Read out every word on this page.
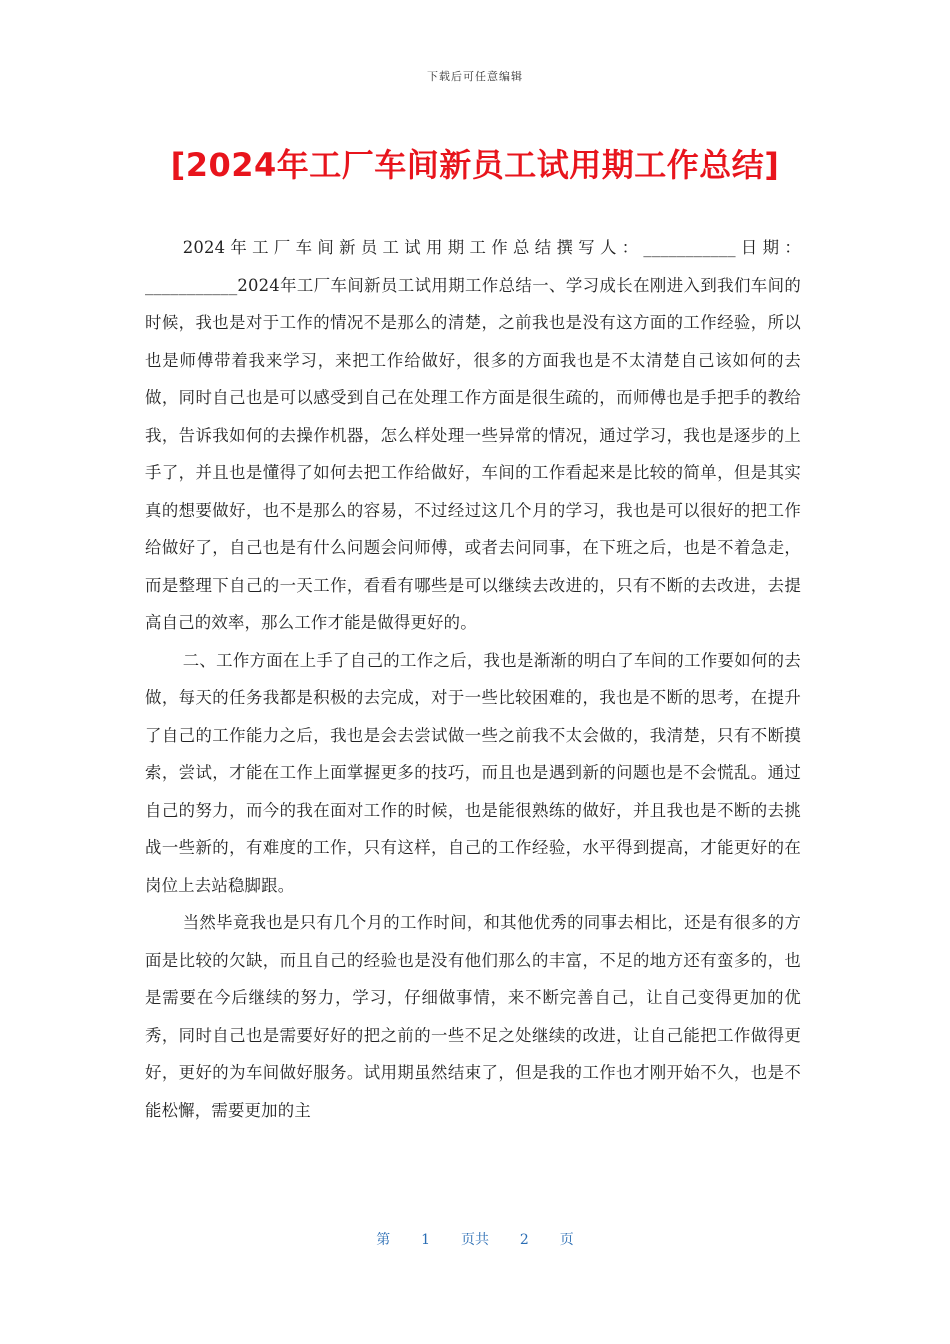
下载后可任意编辑
[2024年工厂车间新员工试用期工作总结]

2024年工厂车间新员工试用期工作总结撰写人：___________日期：___________2024年工厂车间新员工试用期工作总结一、学习成长在刚进入到我们车间的时候，我也是对于工作的情况不是那么的清楚，之前我也是没有这方面的工作经验，所以也是师傅带着我来学习，来把工作给做好，很多的方面我也是不太清楚自己该如何的去做，同时自己也是可以感受到自己在处理工作方面是很生疏的，而师傅也是手把手的教给我，告诉我如何的去操作机器，怎么样处理一些异常的情况，通过学习，我也是逐步的上手了，并且也是懂得了如何去把工作给做好，车间的工作看起来是比较的简单，但是其实真的想要做好，也不是那么的容易，不过经过这几个月的学习，我也是可以很好的把工作给做好了，自己也是有什么问题会问师傅，或者去问同事，在下班之后，也是不着急走，而是整理下自己的一天工作，看看有哪些是可以继续去改进的，只有不断的去改进，去提高自己的效率，那么工作才能是做得更好的。

二、工作方面在上手了自己的工作之后，我也是渐渐的明白了车间的工作要如何的去做，每天的任务我都是积极的去完成，对于一些比较困难的，我也是不断的思考，在提升了自己的工作能力之后，我也是会去尝试做一些之前我不太会做的，我清楚，只有不断摸索，尝试，才能在工作上面掌握更多的技巧，而且也是遇到新的问题也是不会慌乱。通过自己的努力，而今的我在面对工作的时候，也是能很熟练的做好，并且我也是不断的去挑战一些新的，有难度的工作，只有这样，自己的工作经验，水平得到提高，才能更好的在岗位上去站稳脚跟。

当然毕竟我也是只有几个月的工作时间，和其他优秀的同事去相比，还是有很多的方面是比较的欠缺，而且自己的经验也是没有他们那么的丰富，不足的地方还有蛮多的，也是需要在今后继续的努力，学习，仔细做事情，来不断完善自己，让自己变得更加的优秀，同时自己也是需要好好的把之前的一些不足之处继续的改进，让自己能把工作做得更好，更好的为车间做好服务。试用期虽然结束了，但是我的工作也才刚开始不久，也是不能松懈，需要更加的主

第 1 页共 2 页
